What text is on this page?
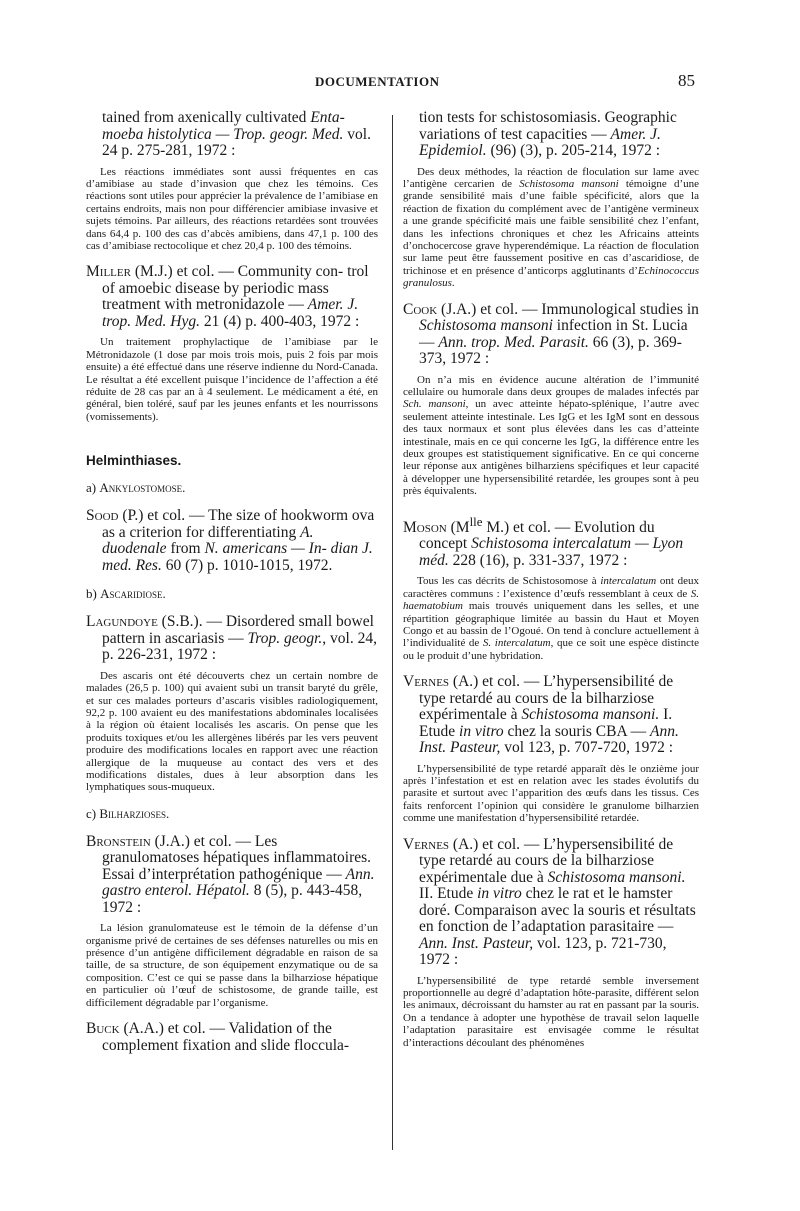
DOCUMENTATION	85

tained from axenically cultivated Enta- moeba histolytica — Trop. geogr. Med. vol. 24 p. 275-281, 1972 :

Les réactions immédiates sont aussi fréquentes en cas d’amibiase au stade d’invasion que chez les témoins. Ces réactions sont utiles pour apprécier la prévalence de l’amibiase en certains endroits, mais non pour différencier amibiase invasive et sujets témoins. Par ailleurs, des réactions retardées sont trouvées dans 64,4 p. 100 des cas d’abcès amibiens, dans 47,1 p. 100 des cas d’amibiase rectocolique et chez 20,4 p. 100 des témoins.

Miller (M.J.) et col. — Community con- trol of amoebic disease by periodic mass treatment with metronidazole — Amer. J. trop. Med. Hyg. 21 (4) p. 400-403, 1972 :

Un traitement prophylactique de l’amibiase par le Métronidazole (1 dose par mois trois mois, puis 2 fois par mois ensuite) a été effectué dans une réserve indienne du Nord-Canada. Le résultat a été excellent puisque l’incidence de l’affection a été réduite de 28 cas par an à 4 seulement. Le médicament a été, en général, bien toléré, sauf par les jeunes enfants et les nourrissons (vomissements).

Helminthiases.

a) Ankylostomose.

Sood (P.) et col. — The size of hookworm ova as a criterion for differentiating A. duodenale from N. americans — In- dian J. med. Res. 60 (7) p. 1010-1015, 1972.

b) Ascaridiose.

Lagundoye (S.B.). — Disordered small bowel pattern in ascariasis — Trop. geogr., vol. 24, p. 226-231, 1972 :

Des ascaris ont été découverts chez un certain nombre de malades (26,5 p. 100) qui avaient subi un transit baryté du grêle, et sur ces malades porteurs d’ascaris visibles radiologiquement, 92,2 p. 100 avaient eu des manifestations abdominales localisées à la région où étaient localisés les ascaris. On pense que les produits toxiques et/ou les allergènes libérés par les vers peuvent produire des modifications locales en rapport avec une réaction allergique de la muqueuse au contact des vers et des modifications distales, dues à leur absorption dans les lymphatiques sous-muqueux.

c) Bilharzioses.

Bronstein (J.A.) et col. — Les granulomatoses hépatiques inflammatoires. Essai d’interprétation pathogénique — Ann. gastro enterol. Hépatol. 8 (5), p. 443-458, 1972 :

La lésion granulomateuse est le témoin de la défense d’un organisme privé de certaines de ses défenses naturelles ou mis en présence d’un antigène difficilement dégradable en raison de sa taille, de sa structure, de son équipement enzymatique ou de sa composition. C’est ce qui se passe dans la bilharziose hépatique en particulier où l’œuf de schistosome, de grande taille, est difficilement dégradable par l’organisme.

Buck (A.A.) et col. — Validation of the complement fixation and slide floccula-

tion tests for schistosomiasis. Geographic variations of test capacities — Amer. J. Epidemiol. (96) (3), p. 205-214, 1972 :

Des deux méthodes, la réaction de floculation sur lame avec l’antigène cercarien de Schistosoma mansoni témoigne d’une grande sensibilité mais d’une faible spécificité, alors que la réaction de fixation du complément avec de l’antigène vermineux a une grande spécificité mais une faible sensibilité chez l’enfant, dans les infections chroniques et chez les Africains atteints d’onchocercose grave hyperendémique. La réaction de floculation sur lame peut être faussement positive en cas d’ascaridiose, de trichinose et en présence d’anticorps agglutinants d’Echinococcus granulosus.

Cook (J.A.) et col. — Immunological studies in Schistosoma mansoni infection in St. Lucia — Ann. trop. Med. Parasit. 66 (3), p. 369-373, 1972 :

On n’a mis en évidence aucune altération de l’immunité cellulaire ou humorale dans deux groupes de malades infectés par Sch. mansoni, un avec atteinte hépato-splénique, l’autre avec seulement atteinte intestinale. Les IgG et les IgM sont en dessous des taux normaux et sont plus élevées dans les cas d’atteinte intestinale, mais en ce qui concerne les IgG, la différence entre les deux groupes est statistiquement significative. En ce qui concerne leur réponse aux antigènes bilharziens spécifiques et leur capacité à développer une hypersensibilité retardée, les groupes sont à peu près équivalents.

Moson ($M^{lle}$ M.) et col. — Evolution du concept Schistosoma intercalatum — Lyon méd. 228 (16), p. 331-337, 1972 :

Tous les cas décrits de Schistosomose à intercalatum ont deux caractères communs : l’existence d’œufs ressemblant à ceux de S. haematobium mais trouvés uniquement dans les selles, et une répartition géographique limitée au bassin du Haut et Moyen Congo et au bassin de l’Ogoué. On tend à conclure actuellement à l’individualité de S. intercalatum, que ce soit une espèce distincte ou le produit d’une hybridation.

Vernes (A.) et col. — L’hypersensibilité de type retardé au cours de la bilharziose expérimentale à Schistosoma mansoni. I. Etude in vitro chez la souris CBA — Ann. Inst. Pasteur, vol 123, p. 707-720, 1972 :

L’hypersensibilité de type retardé apparaît dès le onzième jour après l’infestation et est en relation avec les stades évolutifs du parasite et surtout avec l’apparition des œufs dans les tissus. Ces faits renforcent l’opinion qui considère le granulome bilharzien comme une manifestation d’hypersensibilité retardée.

Vernes (A.) et col. — L’hypersensibilité de type retardé au cours de la bilharziose expérimentale due à Schistosoma mansoni. II. Etude in vitro chez le rat et le hamster doré. Comparaison avec la souris et résultats en fonction de l’adaptation parasitaire — Ann. Inst. Pasteur, vol. 123, p. 721-730, 1972 :

L’hypersensibilité de type retardé semble inversement proportionnelle au degré d’adaptation hôte-parasite, différent selon les animaux, décroissant du hamster au rat en passant par la souris. On a tendance à adopter une hypothèse de travail selon laquelle l’adaptation parasitaire est envisagée comme le résultat d’interactions découlant des phénomènes
